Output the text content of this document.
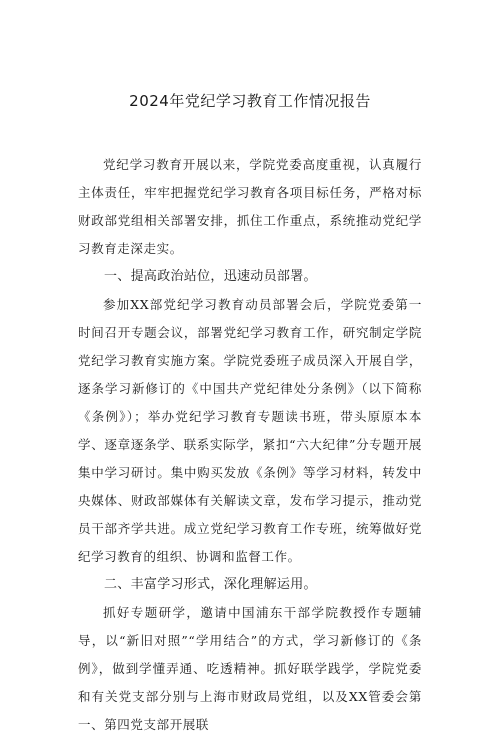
2024年党纪学习教育工作情况报告

党纪学习教育开展以来，学院党委高度重视，认真履行主体责任，牢牢把握党纪学习教育各项目标任务，严格对标财政部党组相关部署安排，抓住工作重点，系统推动党纪学习教育走深走实。

一、提高政治站位，迅速动员部署。

参加XX部党纪学习教育动员部署会后，学院党委第一时间召开专题会议，部署党纪学习教育工作，研究制定学院党纪学习教育实施方案。学院党委班子成员深入开展自学，逐条学习新修订的《中国共产党纪律处分条例》（以下简称《条例》）；举办党纪学习教育专题读书班，带头原原本本学、逐章逐条学、联系实际学，紧扣“六大纪律”分专题开展集中学习研讨。集中购买发放《条例》等学习材料，转发中央媒体、财政部媒体有关解读文章，发布学习提示，推动党员干部齐学共进。成立党纪学习教育工作专班，统筹做好党纪学习教育的组织、协调和监督工作。

二、丰富学习形式，深化理解运用。

抓好专题研学，邀请中国浦东干部学院教授作专题辅导，以“新旧对照”“学用结合”的方式，学习新修订的《条例》，做到学懂弄通、吃透精神。抓好联学践学，学院党委和有关党支部分别与上海市财政局党组，以及XX管委会第一、第四党支部开展联
